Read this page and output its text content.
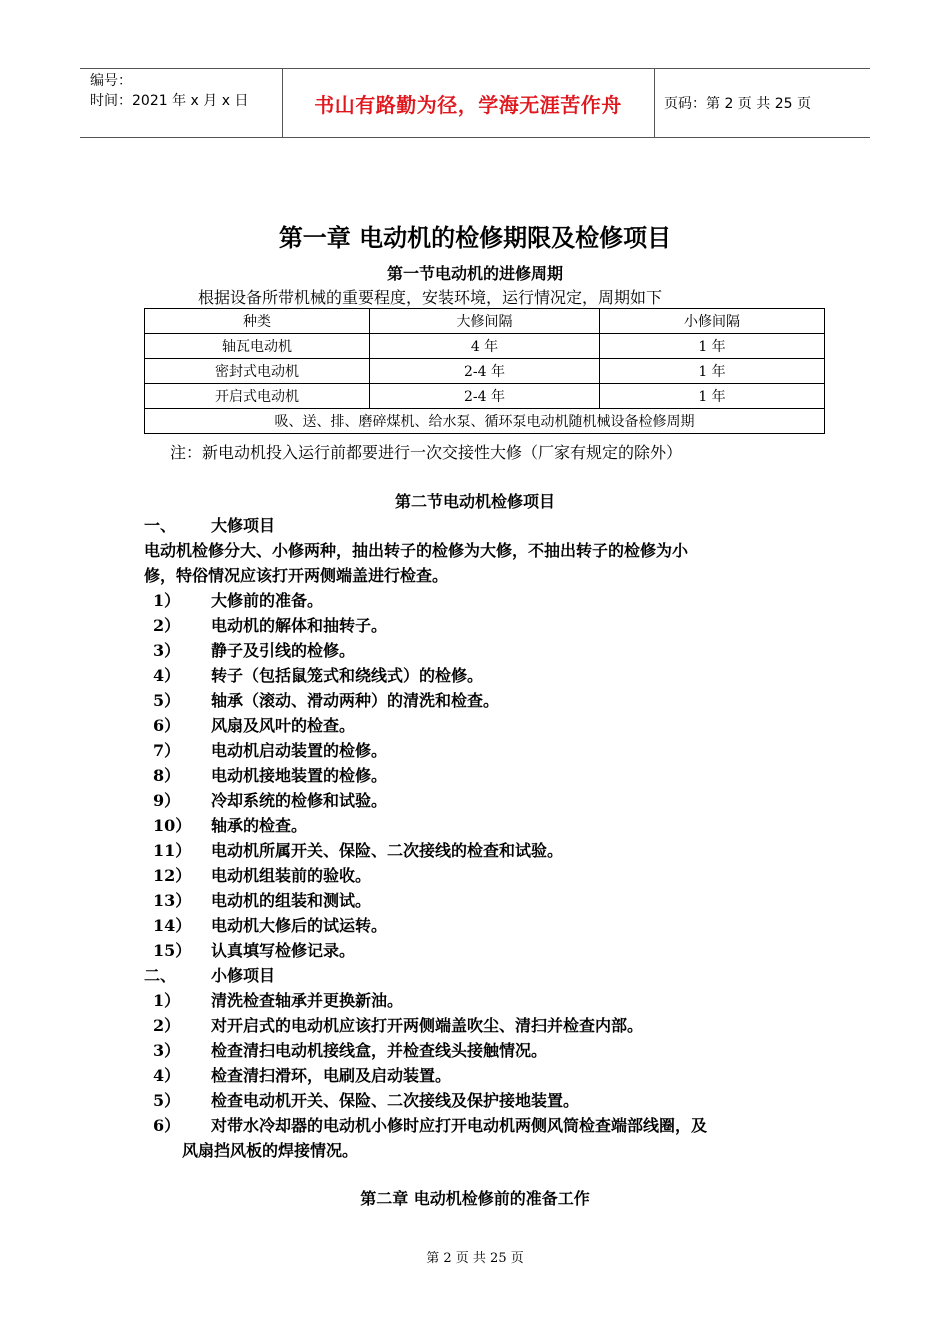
编号：
时间：2021 年 x 月 x 日	书山有路勤为径，学海无涯苦作舟	页码：第 2 页 共 25 页
第一章 电动机的检修期限及检修项目
第一节电动机的进修周期
根据设备所带机械的重要程度，安装环境，运行情况定，周期如下
种类	大修间隔	小修间隔
轴瓦电动机	4 年	1 年
密封式电动机	2-4 年	1 年
开启式电动机	2-4 年	1 年
吸、送、排、磨碎煤机、给水泵、循环泵电动机随机械设备检修周期		
注：新电动机投入运行前都要进行一次交接性大修（厂家有规定的除外）
第二节电动机检修项目
一、 大修项目
电动机检修分大、小修两种，抽出转子的检修为大修，不抽出转子的检修为小
修，特俗情况应该打开两侧端盖进行检查。
1） 大修前的准备。
2） 电动机的解体和抽转子。
3） 静子及引线的检修。
4） 转子（包括鼠笼式和绕线式）的检修。
5） 轴承（滚动、滑动两种）的清洗和检查。
6） 风扇及风叶的检查。
7） 电动机启动装置的检修。
8） 电动机接地装置的检修。
9） 冷却系统的检修和试验。
10） 轴承的检查。
11） 电动机所属开关、保险、二次接线的检查和试验。
12） 电动机组装前的验收。
13） 电动机的组装和测试。
14） 电动机大修后的试运转。
15） 认真填写检修记录。
二、 小修项目
1） 清洗检查轴承并更换新油。
2） 对开启式的电动机应该打开两侧端盖吹尘、清扫并检查内部。
3） 检查清扫电动机接线盒，并检查线头接触情况。
4） 检查清扫滑环，电刷及启动装置。
5） 检查电动机开关、保险、二次接线及保护接地装置。
6） 对带水冷却器的电动机小修时应打开电动机两侧风筒检查端部线圈，及
风扇挡风板的焊接情况。
第二章 电动机检修前的准备工作
第 2 页 共 25 页
